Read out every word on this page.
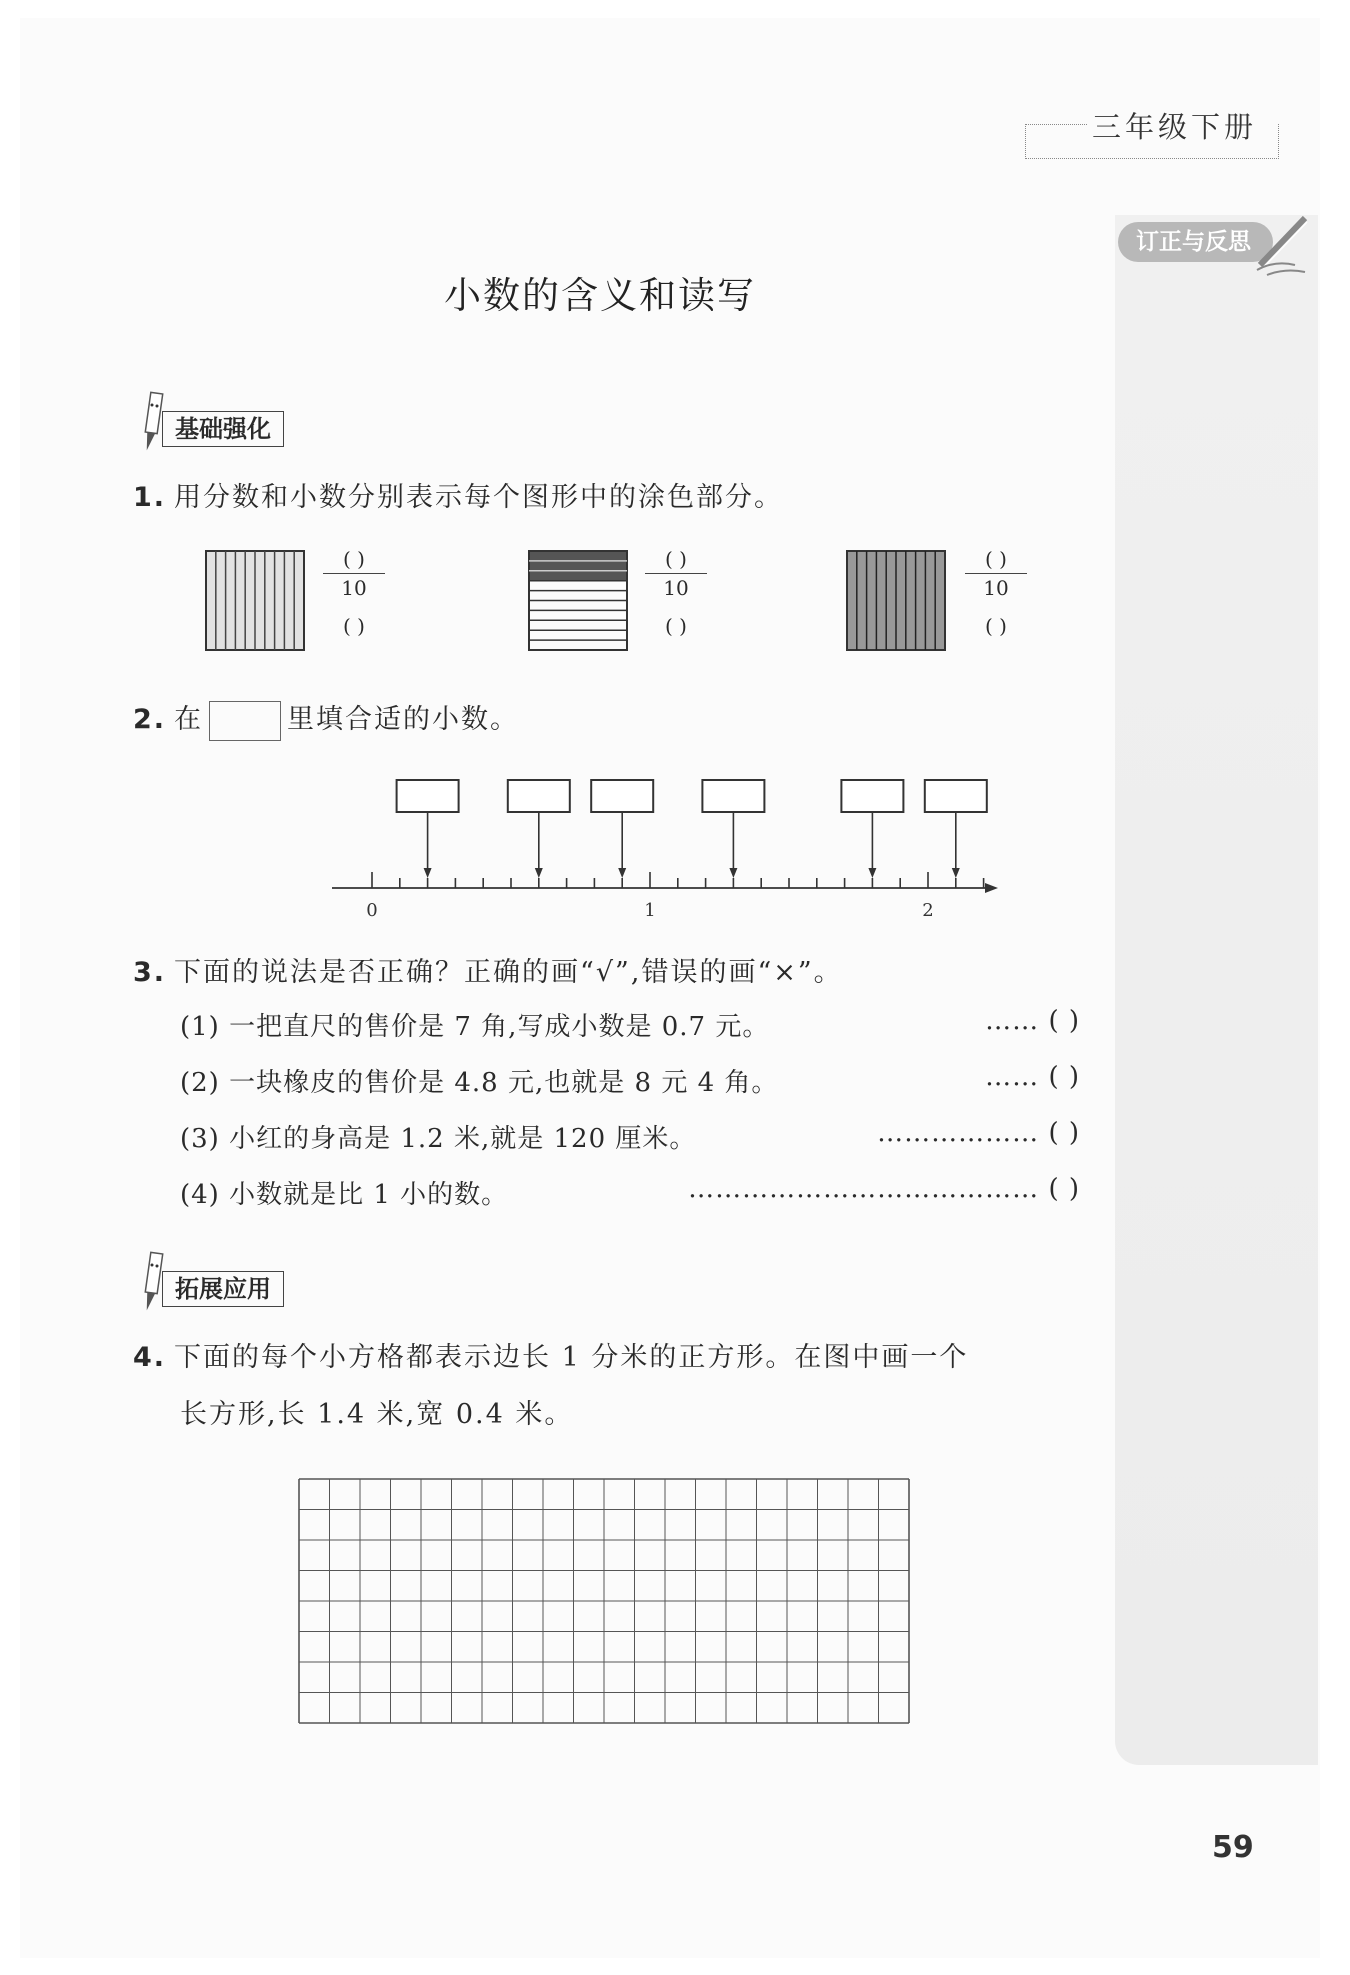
三年级下册
订正与反思
小数的含义和读写
基础强化
1. 用分数和小数分别表示每个图形中的涂色部分。
( )
10
( )
( )
10
( )
( )
10
( )
2. 在	里填合适的小数。
0	1	2
3. 下面的说法是否正确？正确的画“√”,错误的画“×”。
(1) 一把直尺的售价是 7 角,写成小数是 0.7 元。	…… ( )
(2) 一块橡皮的售价是 4.8 元,也就是 8 元 4 角。	…… ( )
(3) 小红的身高是 1.2 米,就是 120 厘米。	……………… ( )
(4) 小数就是比 1 小的数。	………………………………… ( )
拓展应用
4. 下面的每个小方格都表示边长 1 分米的正方形。在图中画一个
长方形,长 1.4 米,宽 0.4 米。
59
